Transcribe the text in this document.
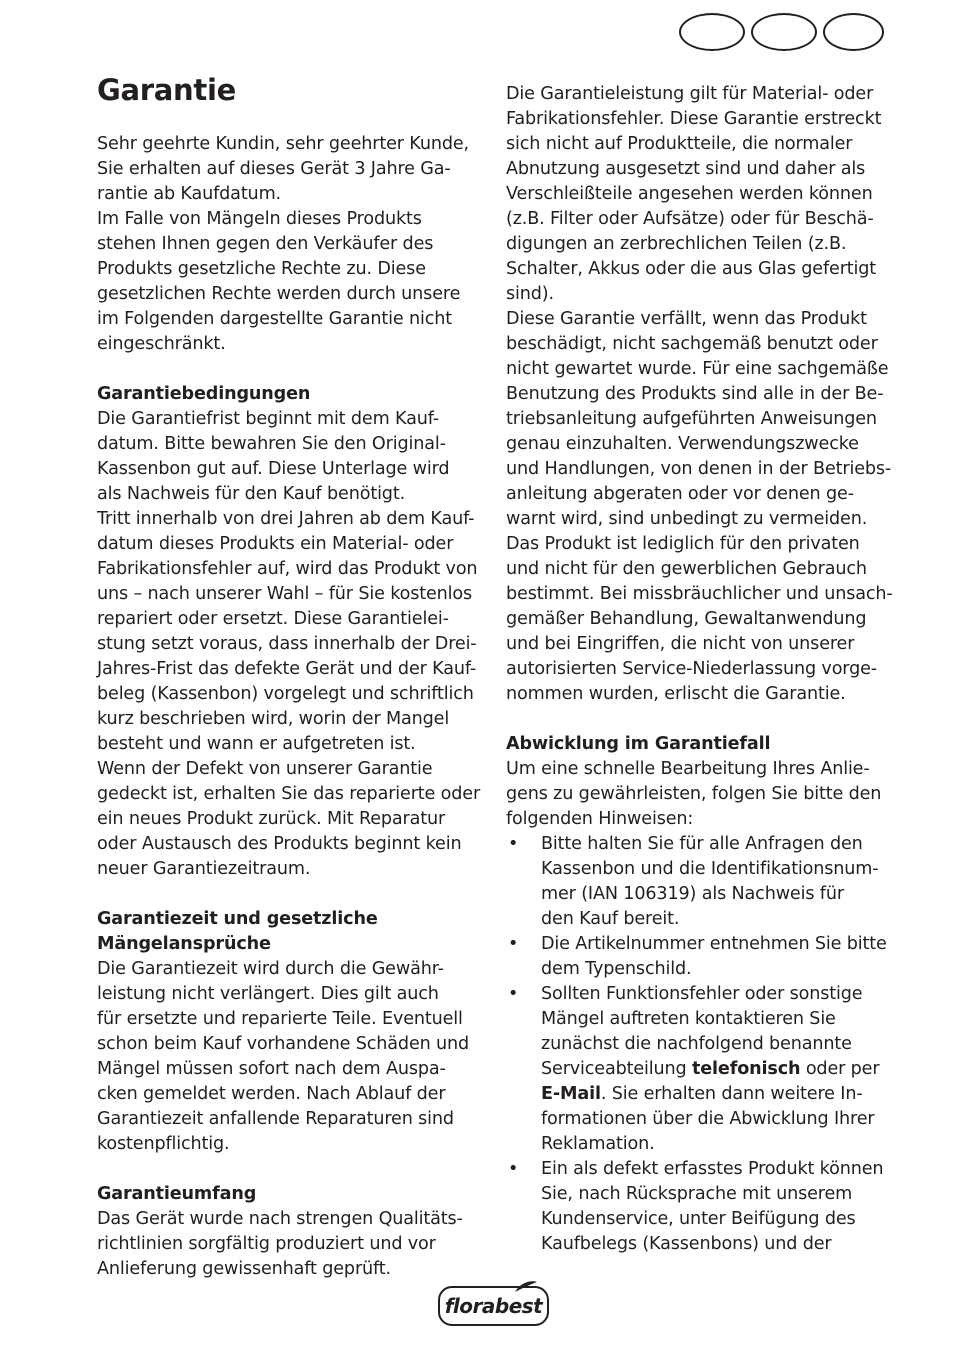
Garantie
Sehr geehrte Kundin, sehr geehrter Kunde,
Sie erhalten auf dieses Gerät 3 Jahre Ga-
rantie ab Kaufdatum.
Im Falle von Mängeln dieses Produkts
stehen Ihnen gegen den Verkäufer des
Produkts gesetzliche Rechte zu. Diese
gesetzlichen Rechte werden durch unsere
im Folgenden dargestellte Garantie nicht
eingeschränkt.
Garantiebedingungen
Die Garantiefrist beginnt mit dem Kauf-
datum. Bitte bewahren Sie den Original-
Kassenbon gut auf. Diese Unterlage wird
als Nachweis für den Kauf benötigt.
Tritt innerhalb von drei Jahren ab dem Kauf-
datum dieses Produkts ein Material- oder
Fabrikationsfehler auf, wird das Produkt von
uns – nach unserer Wahl – für Sie kostenlos
repariert oder ersetzt. Diese Garantielei-
stung setzt voraus, dass innerhalb der Drei-
Jahres-Frist das defekte Gerät und der Kauf-
beleg (Kassenbon) vorgelegt und schriftlich
kurz beschrieben wird, worin der Mangel
besteht und wann er aufgetreten ist.
Wenn der Defekt von unserer Garantie
gedeckt ist, erhalten Sie das reparierte oder
ein neues Produkt zurück. Mit Reparatur
oder Austausch des Produkts beginnt kein
neuer Garantiezeitraum.
Garantiezeit und gesetzliche
Mängelansprüche
Die Garantiezeit wird durch die Gewähr-
leistung nicht verlängert. Dies gilt auch
für ersetzte und reparierte Teile. Eventuell
schon beim Kauf vorhandene Schäden und
Mängel müssen sofort nach dem Auspa-
cken gemeldet werden. Nach Ablauf der
Garantiezeit anfallende Reparaturen sind
kostenpflichtig.
Garantieumfang
Das Gerät wurde nach strengen Qualitäts-
richtlinien sorgfältig produziert und vor
Anlieferung gewissenhaft geprüft.
Die Garantieleistung gilt für Material- oder
Fabrikationsfehler. Diese Garantie erstreckt
sich nicht auf Produktteile, die normaler
Abnutzung ausgesetzt sind und daher als
Verschleißteile angesehen werden können
(z.B. Filter oder Aufsätze) oder für Beschä-
digungen an zerbrechlichen Teilen (z.B.
Schalter, Akkus oder die aus Glas gefertigt
sind).
Diese Garantie verfällt, wenn das Produkt
beschädigt, nicht sachgemäß benutzt oder
nicht gewartet wurde. Für eine sachgemäße
Benutzung des Produkts sind alle in der Be-
triebsanleitung aufgeführten Anweisungen
genau einzuhalten. Verwendungszwecke
und Handlungen, von denen in der Betriebs-
anleitung abgeraten oder vor denen ge-
warnt wird, sind unbedingt zu vermeiden.
Das Produkt ist lediglich für den privaten
und nicht für den gewerblichen Gebrauch
bestimmt. Bei missbräuchlicher und unsach-
gemäßer Behandlung, Gewaltanwendung
und bei Eingriffen, die nicht von unserer
autorisierten Service-Niederlassung vorge-
nommen wurden, erlischt die Garantie.
Abwicklung im Garantiefall
Um eine schnelle Bearbeitung Ihres Anlie-
gens zu gewährleisten, folgen Sie bitte den
folgenden Hinweisen:
• Bitte halten Sie für alle Anfragen den
Kassenbon und die Identifikationsnum-
mer (IAN 106319) als Nachweis für
den Kauf bereit.
• Die Artikelnummer entnehmen Sie bitte
dem Typenschild.
• Sollten Funktionsfehler oder sonstige
Mängel auftreten kontaktieren Sie
zunächst die nachfolgend benannte
Serviceabteilung telefonisch oder per
E-Mail. Sie erhalten dann weitere In-
formationen über die Abwicklung Ihrer
Reklamation.
• Ein als defekt erfasstes Produkt können
Sie, nach Rücksprache mit unserem
Kundenservice, unter Beifügung des
Kaufbelegs (Kassenbons) und der
florabest
